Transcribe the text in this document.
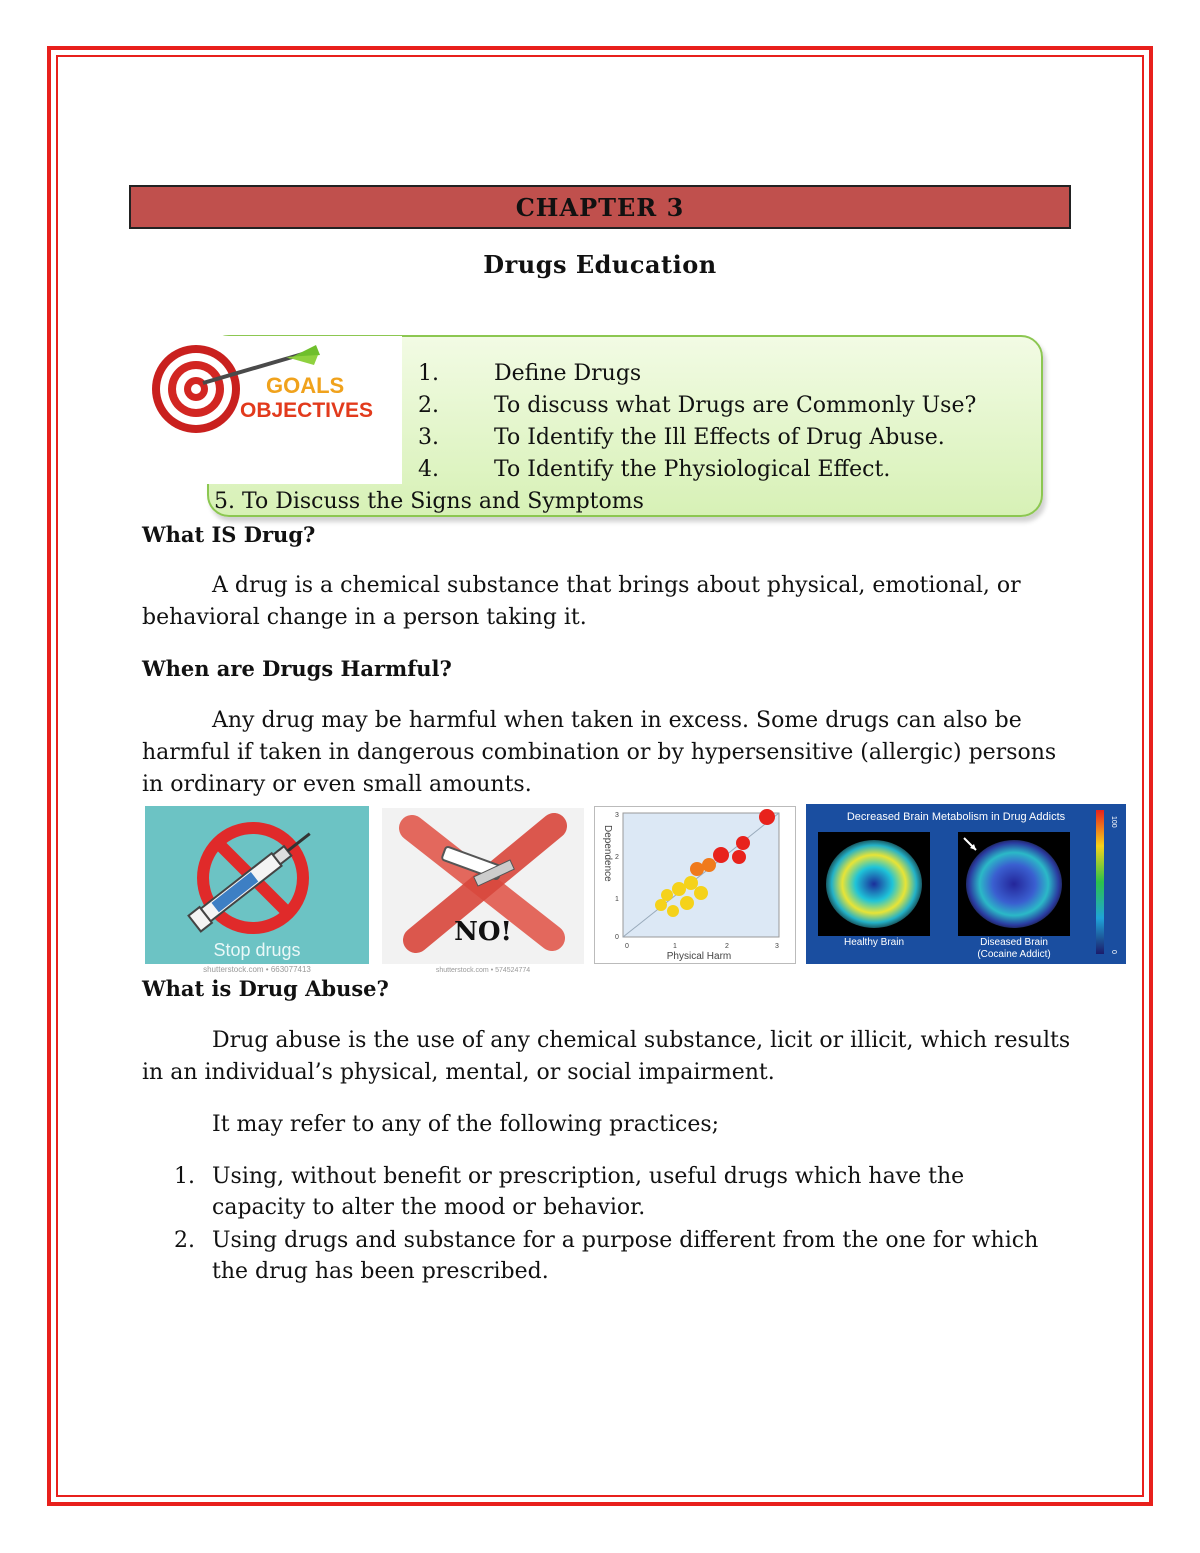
CHAPTER 3
Drugs Education
GOALS
OBJECTIVES
1.	Define Drugs
2.	To discuss what Drugs are Commonly Use?
3.	To Identify the Ill Effects of Drug Abuse.
4.	To Identify the Physiological Effect.
5. To Discuss the Signs and Symptoms
What IS Drug?
A drug is a chemical substance that brings about physical, emotional, or behavioral change in a person taking it.
When are Drugs Harmful?
Any drug may be harmful when taken in excess. Some drugs can also be harmful if taken in dangerous combination or by hypersensitive (allergic) persons in ordinary or even small amounts.
Stop drugs
shutterstock.com • 663077413
NO!
shutterstock.com • 574524774
Dependence
Physical Harm
0	1	2	3
3
2
1
0
Decreased Brain Metabolism in Drug Addicts	100
0
Healthy Brain	Diseased Brain
(Cocaine Addict)
What is Drug Abuse?
Drug abuse is the use of any chemical substance, licit or illicit, which results in an individual’s physical, mental, or social impairment.
It may refer to any of the following practices;
1. Using, without benefit or prescription, useful drugs which have the capacity to alter the mood or behavior.
2. Using drugs and substance for a purpose different from the one for which the drug has been prescribed.
